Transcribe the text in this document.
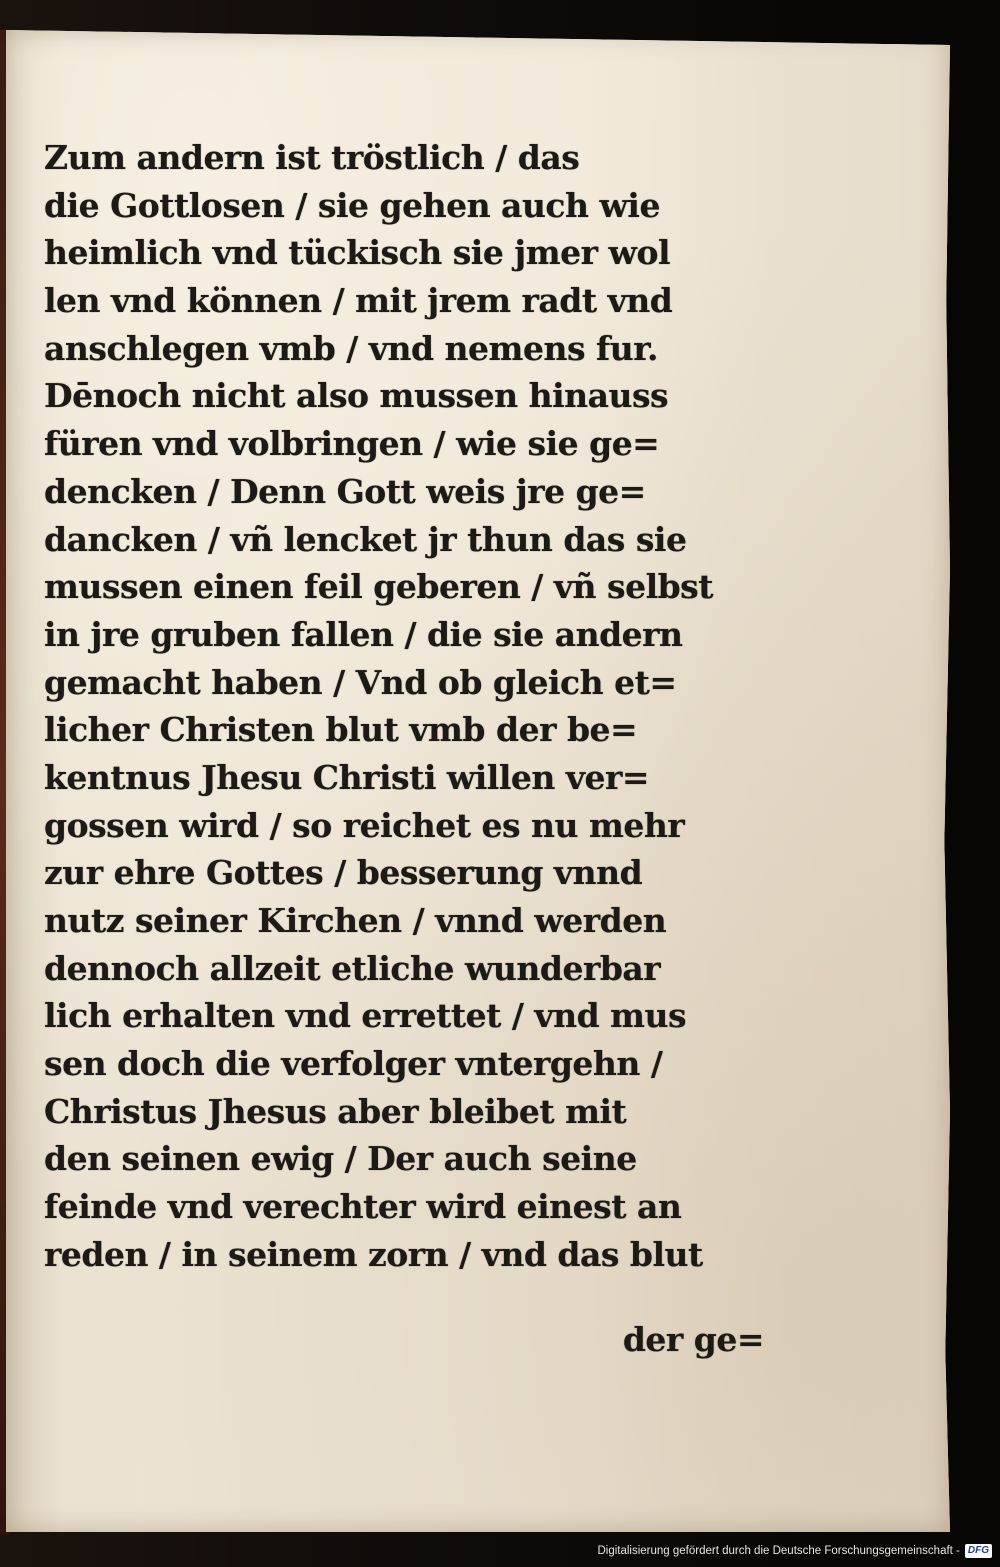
Zum andern ist tröstlich / das
die Gottlosen / sie gehen auch wie
heimlich vnd tückisch sie jmer wol
len vnd können / mit jrem radt vnd
anschlegen vmb / vnd nemens fur.
Dēnoch nicht also mussen hinauss
füren vnd volbringen / wie sie ge=
dencken / Denn Gott weis jre ge=
dancken / vñ lencket jr thun das sie
mussen einen feil geberen / vñ selbst
in jre gruben fallen / die sie andern
gemacht haben / Vnd ob gleich et=
licher Christen blut vmb der be=
kentnus Jhesu Christi willen ver=
gossen wird / so reichet es nu mehr
zur ehre Gottes / besserung vnnd
nutz seiner Kirchen / vnnd werden
dennoch allzeit etliche wunderbar
lich erhalten vnd errettet / vnd mus
sen doch die verfolger vntergehn /
Christus Jhesus aber bleibet mit
den seinen ewig / Der auch seine
feinde vnd verechter wird einest an
reden / in seinem zorn / vnd das blut
der ge=
Digitalisierung gefördert durch die Deutsche Forschungsgemeinschaft - DFG
